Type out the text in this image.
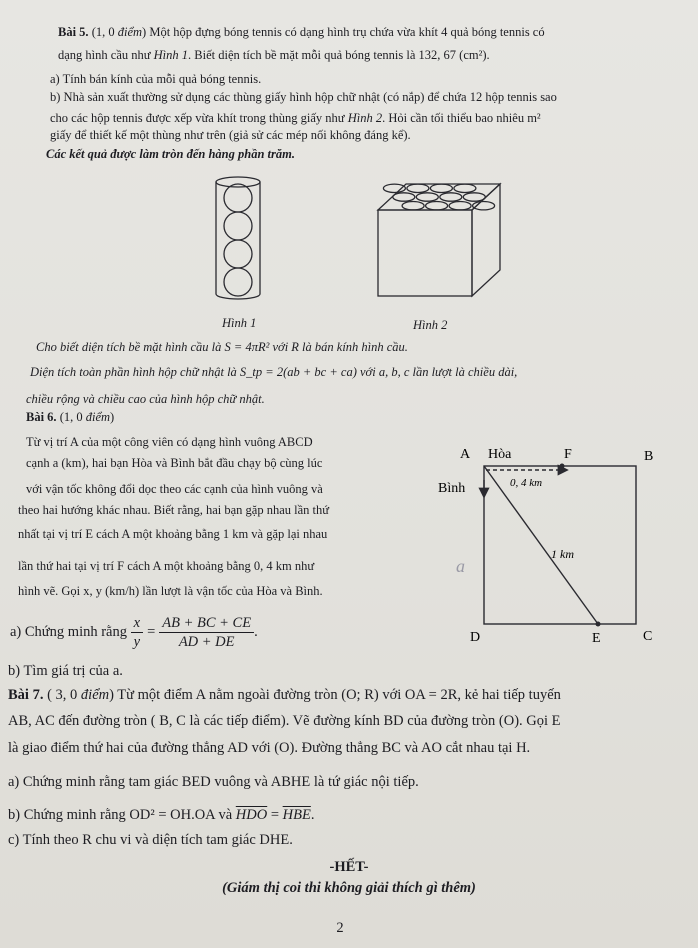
Bài 5. (1, 0 điểm) Một hộp đựng bóng tennis có dạng hình trụ chứa vừa khít 4 quả bóng tennis có
dạng hình cầu như Hình 1. Biết diện tích bề mặt mỗi quả bóng tennis là 132, 67 (cm²).
a) Tính bán kính của mỗi quả bóng tennis.
b) Nhà sản xuất thường sử dụng các thùng giấy hình hộp chữ nhật (có nắp) để chứa 12 hộp tennis sao
cho các hộp tennis được xếp vừa khít trong thùng giấy như Hình 2. Hỏi cần tối thiểu bao nhiêu m²
giấy để thiết kế một thùng như trên (giả sử các mép nối không đáng kể).
Các kết quả được làm tròn đến hàng phần trăm.
Hình 1	Hình 2
Cho biết diện tích bề mặt hình cầu là S = 4πR² với R là bán kính hình cầu.
Diện tích toàn phần hình hộp chữ nhật là S_tp = 2(ab + bc + ca) với a, b, c lần lượt là chiều dài,
chiều rộng và chiều cao của hình hộp chữ nhật.
Bài 6. (1, 0 điểm)
Từ vị trí A của một công viên có dạng hình vuông ABCD
cạnh a (km), hai bạn Hòa và Bình bắt đầu chạy bộ cùng lúc
với vận tốc không đổi dọc theo các cạnh của hình vuông và
theo hai hướng khác nhau. Biết rằng, hai bạn gặp nhau lần thứ
nhất tại vị trí E cách A một khoảng bằng 1 km và gặp lại nhau
lần thứ hai tại vị trí F cách A một khoảng bằng 0, 4 km như
hình vẽ. Gọi x, y (km/h) lần lượt là vận tốc của Hòa và Bình.
a) Chứng minh rằng
$\frac{x}{y} = \frac{AB + BC + CE}{AD + DE}$ .
b) Tìm giá trị của a.
A Hòa	F	B
Bình	0, 4 km
1 km
a
D	E	C
Bài 7. ( 3, 0 điểm) Từ một điểm A nằm ngoài đường tròn (O; R) với OA = 2R, kẻ hai tiếp tuyến
AB, AC đến đường tròn ( B, C là các tiếp điểm). Vẽ đường kính BD của đường tròn (O). Gọi E
là giao điểm thứ hai của đường thẳng AD với (O). Đường thẳng BC và AO cắt nhau tại H.
a) Chứng minh rằng tam giác BED vuông và ABHE là tứ giác nội tiếp.
b) Chứng minh rằng OD² = OH.OA và $\overline{HDO} = \overline{HBE}$.
c) Tính theo R chu vi và diện tích tam giác DHE.
-HẾT-
(Giám thị coi thi không giải thích gì thêm)
2
